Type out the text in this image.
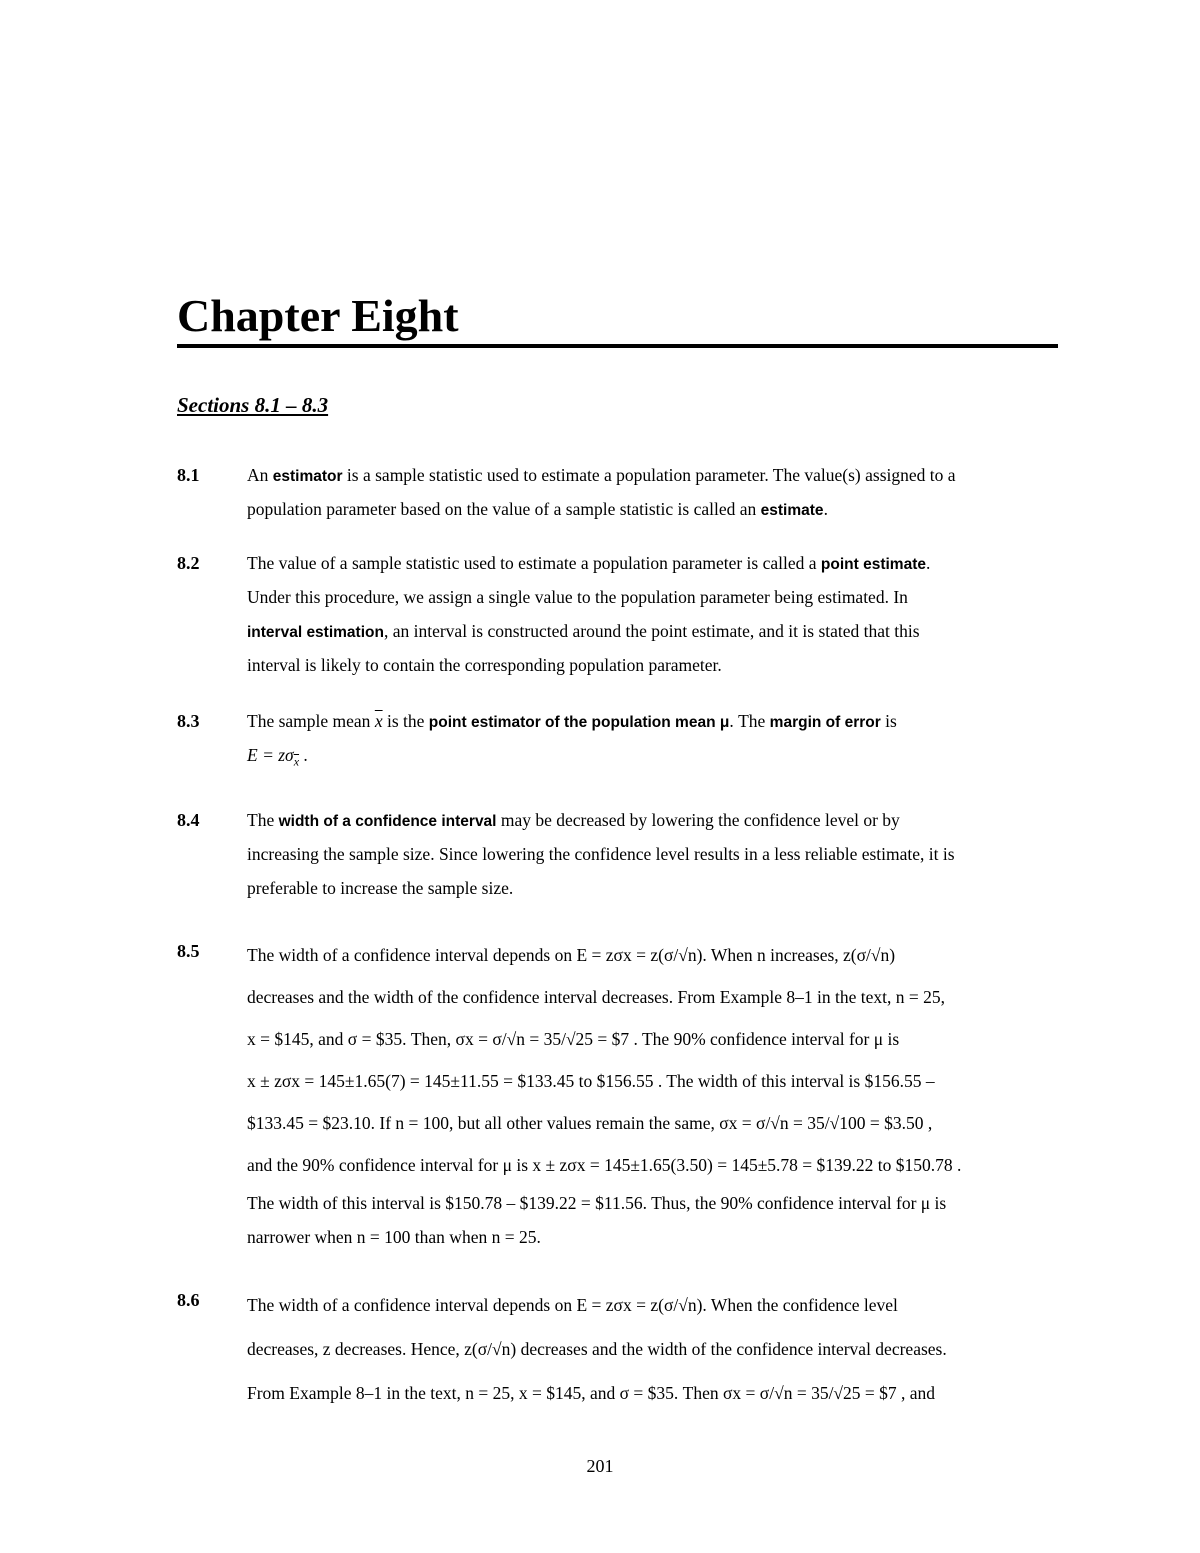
Chapter Eight
Sections 8.1 – 8.3
8.1	An estimator is a sample statistic used to estimate a population parameter. The value(s) assigned to a
population parameter based on the value of a sample statistic is called an estimate.
8.2	The value of a sample statistic used to estimate a population parameter is called a point estimate.
Under this procedure, we assign a single value to the population parameter being estimated. In
interval estimation, an interval is constructed around the point estimate, and it is stated that this
interval is likely to contain the corresponding population parameter.
8.3	The sample mean $\overline{x}$ is the point estimator of the population mean μ. The margin of error is
$E = z\sigma_{\overline{x}}$ .
8.4	The width of a confidence interval may be decreased by lowering the confidence level or by
increasing the sample size. Since lowering the confidence level results in a less reliable estimate, it is
preferable to increase the sample size.
8.5	The width of a confidence interval depends on E = zσx = z(σ/√n). When n increases, z(σ/√n)
decreases and the width of the confidence interval decreases. From Example 8–1 in the text, n = 25,
x = $145, and σ = $35. Then, σx = σ/√n = 35/√25 = $7 . The 90% confidence interval for μ is
x ± zσx = 145±1.65(7) = 145±11.55 = $133.45 to $156.55 . The width of this interval is $156.55 –
$133.45 = $23.10. If n = 100, but all other values remain the same, σx = σ/√n = 35/√100 = $3.50 ,
and the 90% confidence interval for μ is x ± zσx = 145±1.65(3.50) = 145±5.78 = $139.22 to $150.78 .
The width of this interval is $150.78 – $139.22 = $11.56. Thus, the 90% confidence interval for μ is
narrower when n = 100 than when n = 25.
8.6	The width of a confidence interval depends on E = zσx = z(σ/√n). When the confidence level
decreases, z decreases. Hence, z(σ/√n) decreases and the width of the confidence interval decreases.
From Example 8–1 in the text, n = 25, x = $145, and σ = $35. Then σx = σ/√n = 35/√25 = $7 , and
201
